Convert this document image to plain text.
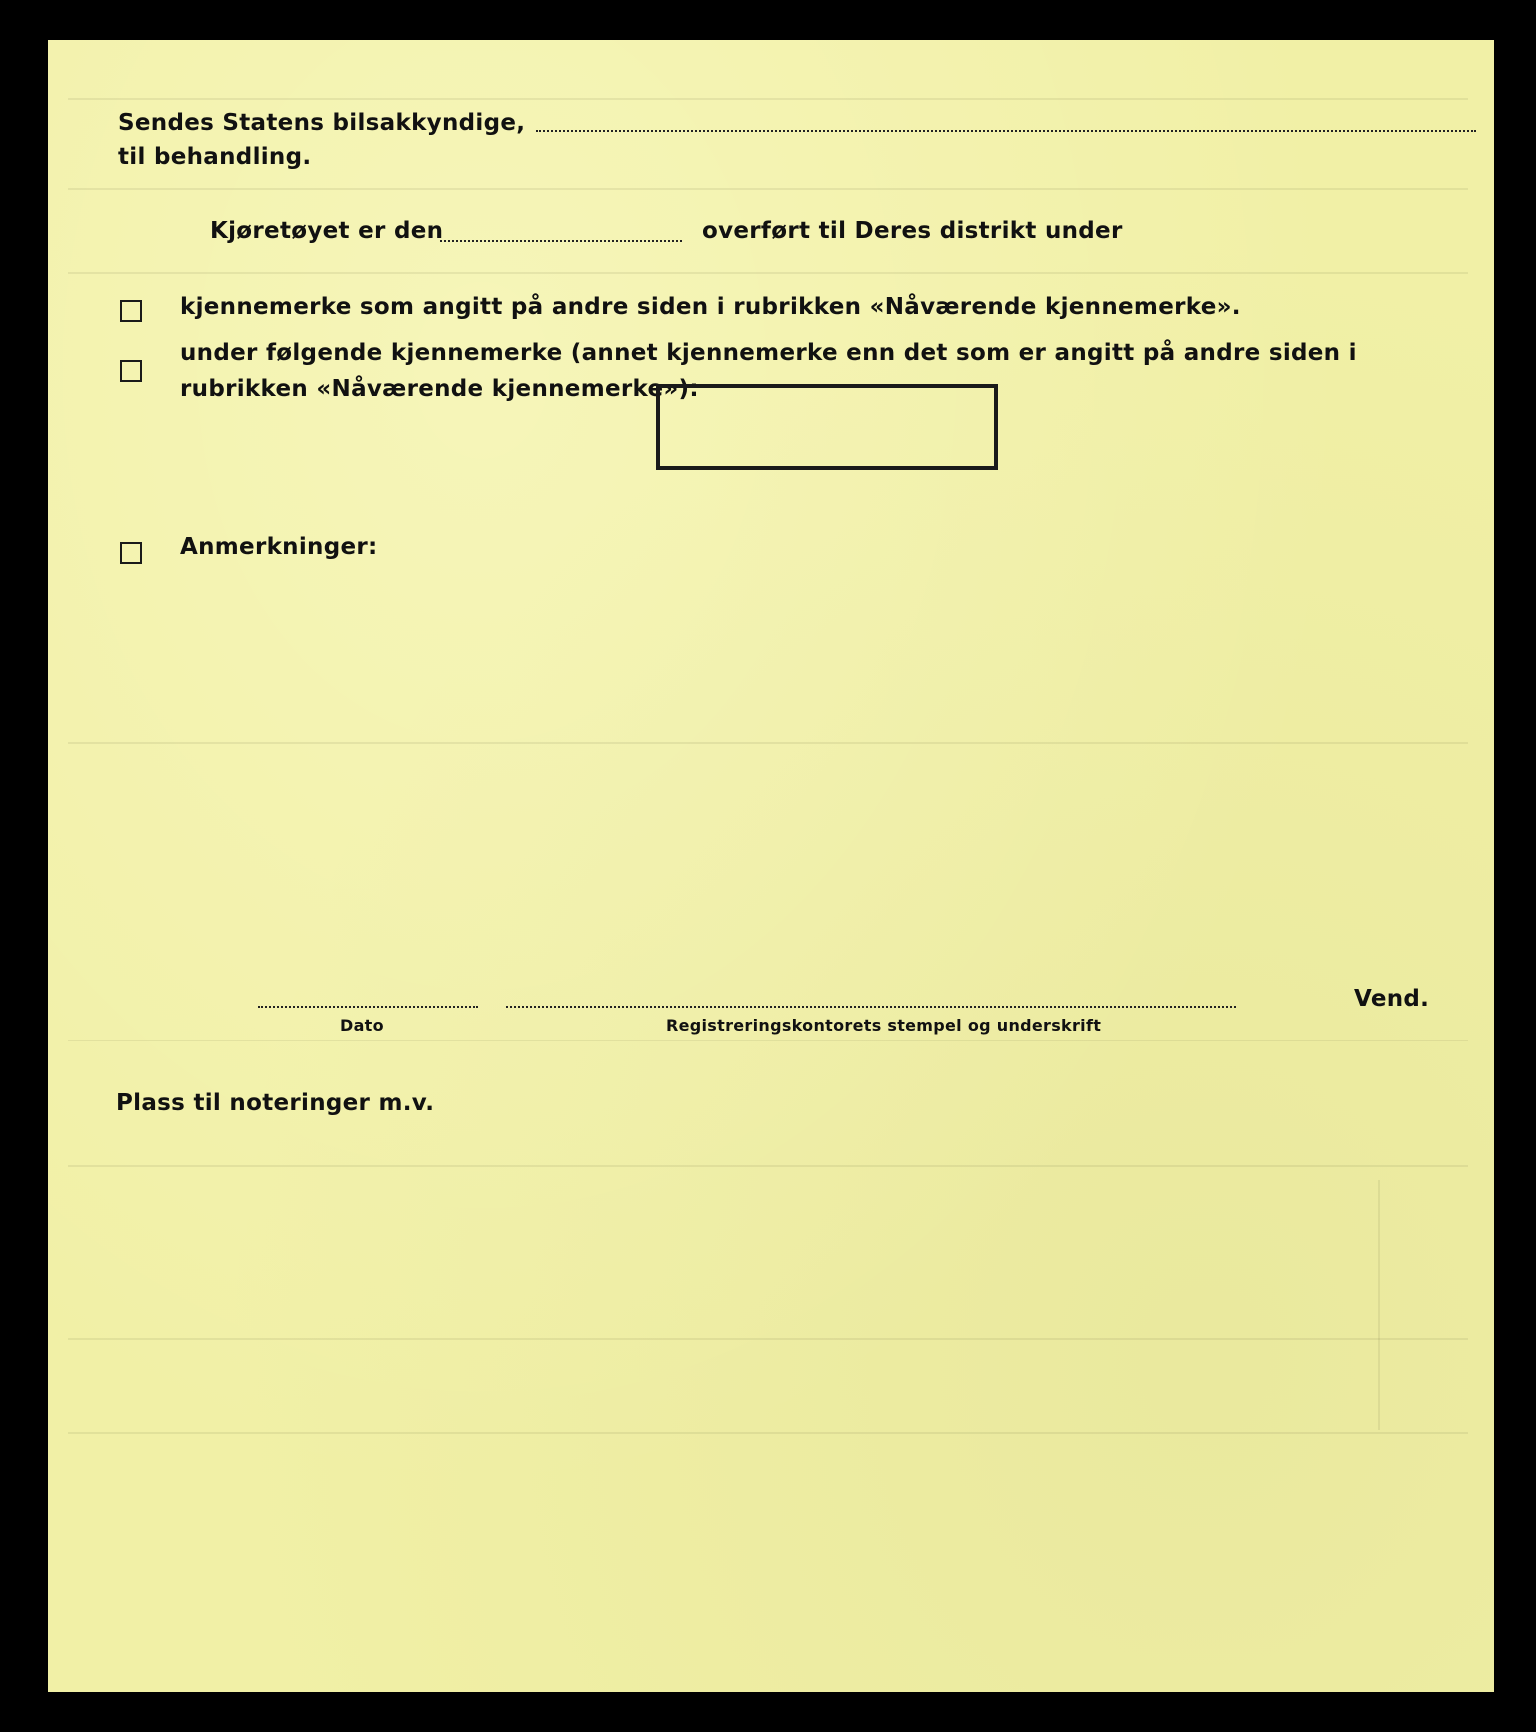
Sendes Statens bilsakkyndige,
til behandling.
Kjøretøyet er den	overført til Deres distrikt under
kjennemerke som angitt på andre siden i rubrikken «Nåværende kjennemerke».
under følgende kjennemerke (annet kjennemerke enn det som er angitt på andre siden i
rubrikken «Nåværende kjennemerke»):
Anmerkninger:
Dato	Registreringskontorets stempel og underskrift
Vend.
Plass til noteringer m.v.
